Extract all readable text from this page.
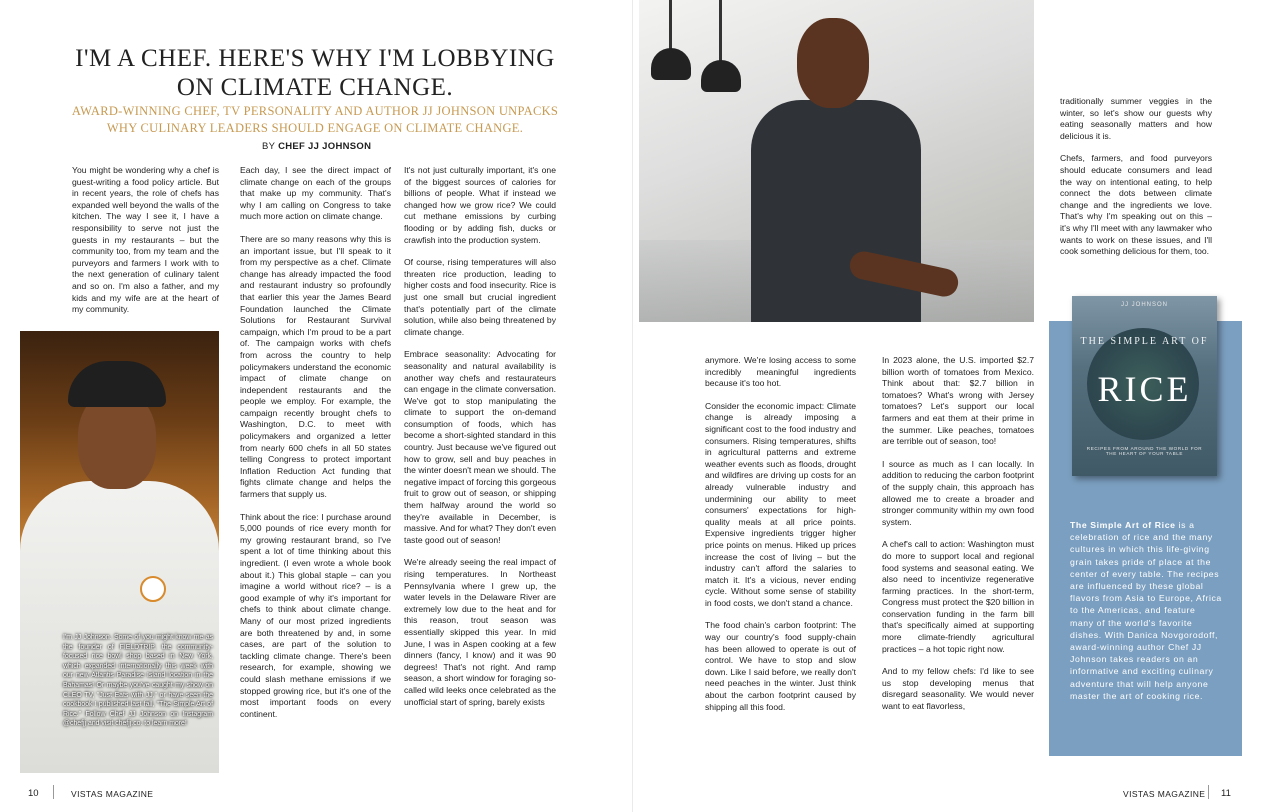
I'M A CHEF. HERE'S WHY I'M LOBBYING ON CLIMATE CHANGE.

AWARD-WINNING CHEF, TV PERSONALITY AND AUTHOR JJ JOHNSON UNPACKS WHY CULINARY LEADERS SHOULD ENGAGE ON CLIMATE CHANGE.

BY CHEF JJ JOHNSON

You might be wondering why a chef is guest-writing a food policy article. But in recent years, the role of chefs has expanded well beyond the walls of the kitchen. The way I see it, I have a responsibility to serve not just the guests in my restaurants – but the community too, from my team and the purveyors and farmers I work with to the next generation of culinary talent and so on. I'm also a father, and my kids and my wife are at the heart of my community.

I'm JJ Johnson. Some of you might know me as the founder of FIELDTRIP, the community-focused rice bowl shop based in New York, which expanded internationally this week with our new Atlantis Paradise Island location in the Bahamas! Or maybe you've caught my show on CLEO TV, "Just Eats with JJ," or have seen the cookbook I published last fall, "The Simple Art of Rice." Follow Chef JJ Johnson on Instagram @chefjj and visit chefjj.co. to learn more!

Each day, I see the direct impact of climate change on each of the groups that make up my community. That's why I am calling on Congress to take much more action on climate change.

There are so many reasons why this is an important issue, but I'll speak to it from my perspective as a chef. Climate change has already impacted the food and restaurant industry so profoundly that earlier this year the James Beard Foundation launched the Climate Solutions for Restaurant Survival campaign, which I'm proud to be a part of. The campaign works with chefs from across the country to help policymakers understand the economic impact of climate change on independent restaurants and the people we employ. For example, the campaign recently brought chefs to Washington, D.C. to meet with policymakers and organized a letter from nearly 600 chefs in all 50 states telling Congress to protect important Inflation Reduction Act funding that fights climate change and helps the farmers that supply us.

Think about the rice: I purchase around 5,000 pounds of rice every month for my growing restaurant brand, so I've spent a lot of time thinking about this ingredient. (I even wrote a whole book about it.) This global staple – can you imagine a world without rice? – is a good example of why it's important for chefs to think about climate change. Many of our most prized ingredients are both threatened by and, in some cases, are part of the solution to tackling climate change. There's been research, for example, showing we could slash methane emissions if we stopped growing rice, but it's one of the most important foods on every continent.

It's not just culturally important, it's one of the biggest sources of calories for billions of people. What if instead we changed how we grow rice? We could cut methane emissions by curbing flooding or by adding fish, ducks or crawfish into the production system.

Of course, rising temperatures will also threaten rice production, leading to higher costs and food insecurity. Rice is just one small but crucial ingredient that's potentially part of the climate solution, while also being threatened by climate change.

Embrace seasonality: Advocating for seasonality and natural availability is another way chefs and restaurateurs can engage in the climate conversation. We've got to stop manipulating the climate to support the on-demand consumption of foods, which has become a short-sighted standard in this country. Just because we've figured out how to grow, sell and buy peaches in the winter doesn't mean we should. The negative impact of forcing this gorgeous fruit to grow out of season, or shipping them halfway around the world so they're available in December, is massive. And for what? They don't even taste good out of season!

We're already seeing the real impact of rising temperatures. In Northeast Pennsylvania where I grew up, the water levels in the Delaware River are extremely low due to the heat and for this reason, trout season was essentially skipped this year. In mid June, I was in Aspen cooking at a few dinners (fancy, I know) and it was 90 degrees! That's not right. And ramp season, a short window for foraging so-called wild leeks once celebrated as the unofficial start of spring, barely exists

10	VISTAS MAGAZINE

traditionally summer veggies in the winter, so let's show our guests why eating seasonally matters and how delicious it is.

Chefs, farmers, and food purveyors should educate consumers and lead the way on intentional eating, to help connect the dots between climate change and the ingredients we love. That's why I'm speaking out on this – it's why I'll meet with any lawmaker who wants to work on these issues, and I'll cook something delicious for them, too.

anymore. We're losing access to some incredibly meaningful ingredients because it's too hot.

Consider the economic impact: Climate change is already imposing a significant cost to the food industry and consumers. Rising temperatures, shifts in agricultural patterns and extreme weather events such as floods, drought and wildfires are driving up costs for an already vulnerable industry and undermining our ability to meet consumers' expectations for high-quality meals at all price points. Expensive ingredients trigger higher price points on menus. Hiked up prices increase the cost of living – but the industry can't afford the salaries to match it. It's a vicious, never ending cycle. Without some sense of stability in food costs, we don't stand a chance.

The food chain's carbon footprint: The way our country's food supply-chain has been allowed to operate is out of control. We have to stop and slow down. Like I said before, we really don't need peaches in the winter. Just think about the carbon footprint caused by shipping all this food.

In 2023 alone, the U.S. imported $2.7 billion worth of tomatoes from Mexico. Think about that: $2.7 billion in tomatoes? What's wrong with Jersey tomatoes? Let's support our local farmers and eat them at their prime in the summer. Like peaches, tomatoes are terrible out of season, too!

I source as much as I can locally. In addition to reducing the carbon footprint of the supply chain, this approach has allowed me to create a broader and stronger community within my own food system.

A chef's call to action: Washington must do more to support local and regional food systems and seasonal eating. We also need to incentivize regenerative farming practices. In the short-term, Congress must protect the $20 billion in conservation funding in the farm bill that's specifically aimed at supporting more climate-friendly agricultural practices – a hot topic right now.

And to my fellow chefs: I'd like to see us stop developing menus that disregard seasonality. We would never want to eat flavorless,

JJ JOHNSON
THE SIMPLE ART OF
RICE
RECIPES FROM AROUND THE WORLD FOR THE HEART OF YOUR TABLE
The Simple Art of Rice is a celebration of rice and the many cultures in which this life-giving grain takes pride of place at the center of every table. The recipes are influenced by these global flavors from Asia to Europe, Africa to the Americas, and feature many of the world's favorite dishes. With Danica Novgorodoff, award-winning author Chef JJ Johnson takes readers on an informative and exciting culinary adventure that will help anyone master the art of cooking rice.
VISTAS MAGAZINE 11
